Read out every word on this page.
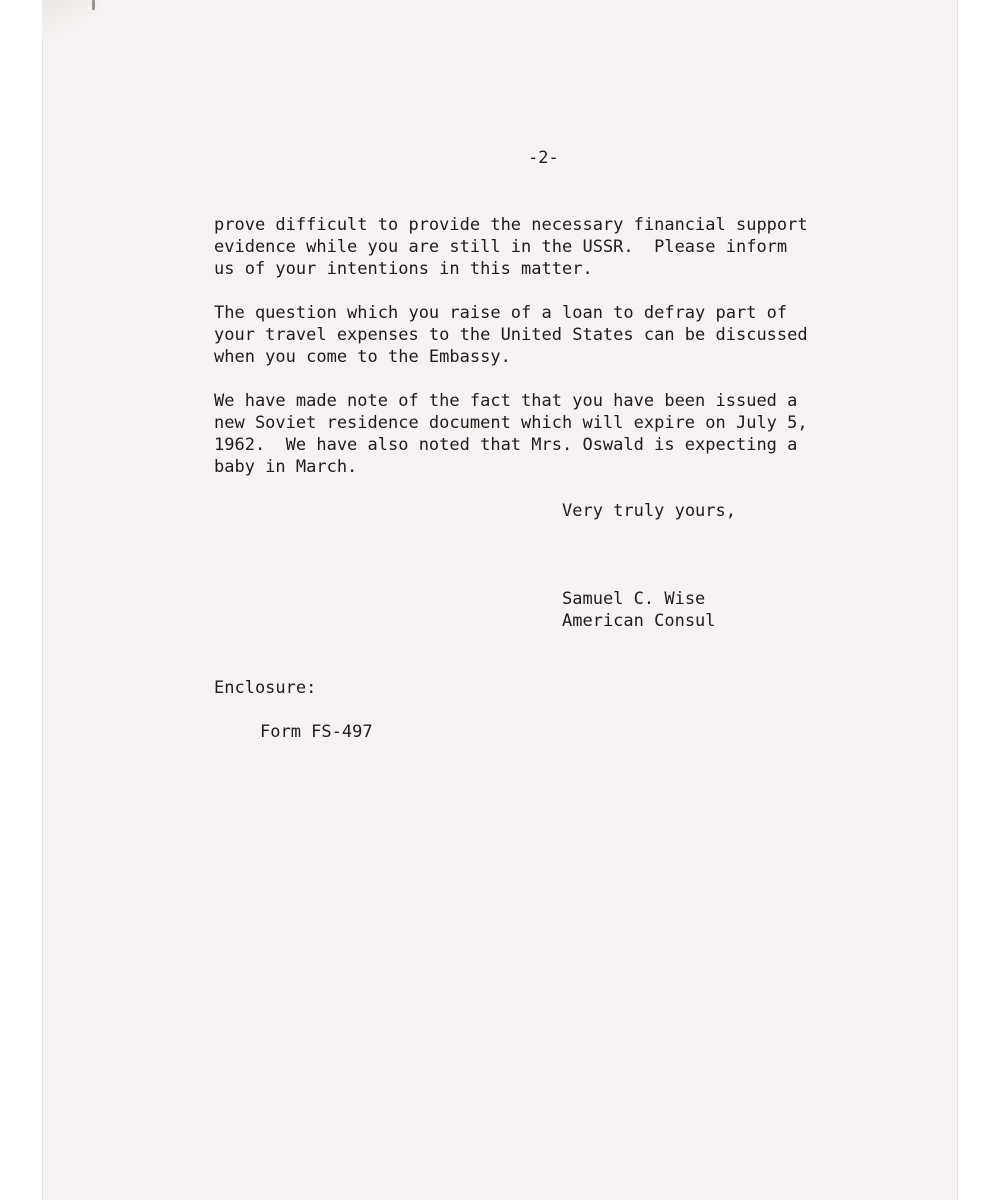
-2-

prove difficult to provide the necessary financial support
evidence while you are still in the USSR.  Please inform
us of your intentions in this matter.

The question which you raise of a loan to defray part of
your travel expenses to the United States can be discussed
when you come to the Embassy.

We have made note of the fact that you have been issued a
new Soviet residence document which will expire on July 5,
1962.  We have also noted that Mrs. Oswald is expecting a
baby in March.

Very truly yours,

Samuel C. Wise

American Consul

Enclosure:

Form FS-497
